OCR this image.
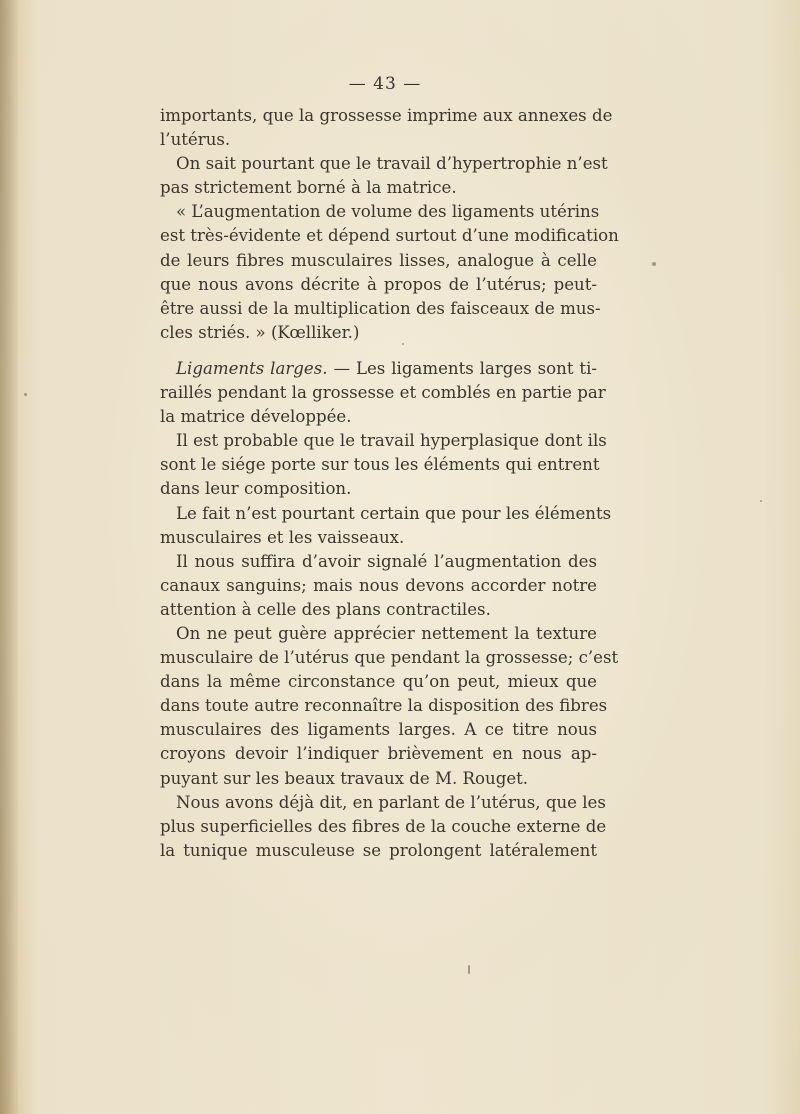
— 43 —
importants, que la grossesse imprime aux annexes de
l’utérus.
On sait pourtant que le travail d’hypertrophie n’est
pas strictement borné à la matrice.
« L’augmentation de volume des ligaments utérins
est très-évidente et dépend surtout d’une modification
de leurs fibres musculaires lisses, analogue à celle
que nous avons décrite à propos de l’utérus; peut-
être aussi de la multiplication des faisceaux de mus-
cles striés. » (Kœlliker.)
Ligaments larges. — Les ligaments larges sont ti-
raillés pendant la grossesse et comblés en partie par
la matrice développée.
Il est probable que le travail hyperplasique dont ils
sont le siége porte sur tous les éléments qui entrent
dans leur composition.
Le fait n’est pourtant certain que pour les éléments
musculaires et les vaisseaux.
Il nous suffira d’avoir signalé l’augmentation des
canaux sanguins; mais nous devons accorder notre
attention à celle des plans contractiles.
On ne peut guère apprécier nettement la texture
musculaire de l’utérus que pendant la grossesse; c’est
dans la même circonstance qu’on peut, mieux que
dans toute autre reconnaître la disposition des fibres
musculaires des ligaments larges. A ce titre nous
croyons devoir l’indiquer brièvement en nous ap-
puyant sur les beaux travaux de M. Rouget.
Nous avons déjà dit, en parlant de l’utérus, que les
plus superficielles des fibres de la couche externe de
la tunique musculeuse se prolongent latéralement
